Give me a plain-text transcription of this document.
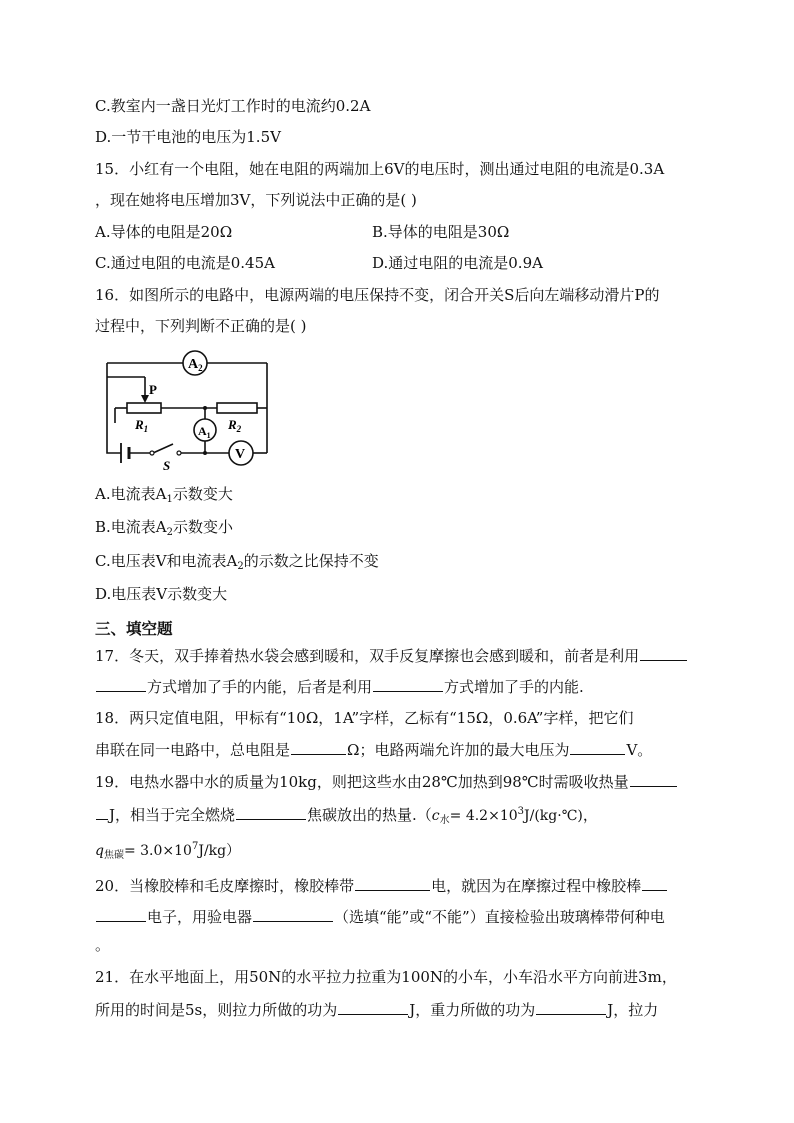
C.教室内一盏日光灯工作时的电流约0.2A
D.一节干电池的电压为1.5V
15．小红有一个电阻，她在电阻的两端加上6V的电压时，测出通过电阻的电流是0.3A
，现在她将电压增加3V，下列说法中正确的是( )
A.导体的电阻是20Ω	B.导体的电阻是30Ω
C.通过电阻的电流是0.45A	D.通过电阻的电流是0.9A
16．如图所示的电路中，电源两端的电压保持不变，闭合开关S后向左端移动滑片P的
过程中，下列判断不正确的是( )
$A_2$
P
$R_1$	$R_2$
$A_1$
S
V
A.电流表$A_1$示数变大
B.电流表$A_2$示数变小
C.电压表V和电流表$A_2$的示数之比保持不变
D.电压表V示数变大
三、填空题
17．冬天，双手捧着热水袋会感到暖和，双手反复摩擦也会感到暖和，前者是利用
方式增加了手的内能，后者是利用	方式增加了手的内能.
18．两只定值电阻，甲标有“10Ω，1A”字样，乙标有“15Ω，0.6A”字样，把它们
串联在同一电路中，总电阻是	Ω；电路两端允许加的最大电压为	V。
19．电热水器中水的质量为10kg，则把这些水由28℃加热到98℃时需吸收热量
J，相当于完全燃烧	焦碳放出的热量$.(c_水=$ $4.2\times 10^3J/(kg\cdot℃)$，
$q_{焦碳}= 3.0\times 10^7J/kg$）
20．当橡胶棒和毛皮摩擦时，橡胶棒带	电，就因为在摩擦过程中橡胶棒
电子，用验电器	（选填“能”或“不能”）直接检验出玻璃棒带何种电
。
21．在水平地面上，用50N的水平拉力拉重为100N的小车，小车沿水平方向前进3m，
所用的时间是5s，则拉力所做的功为	J，重力所做的功为	J，拉力
